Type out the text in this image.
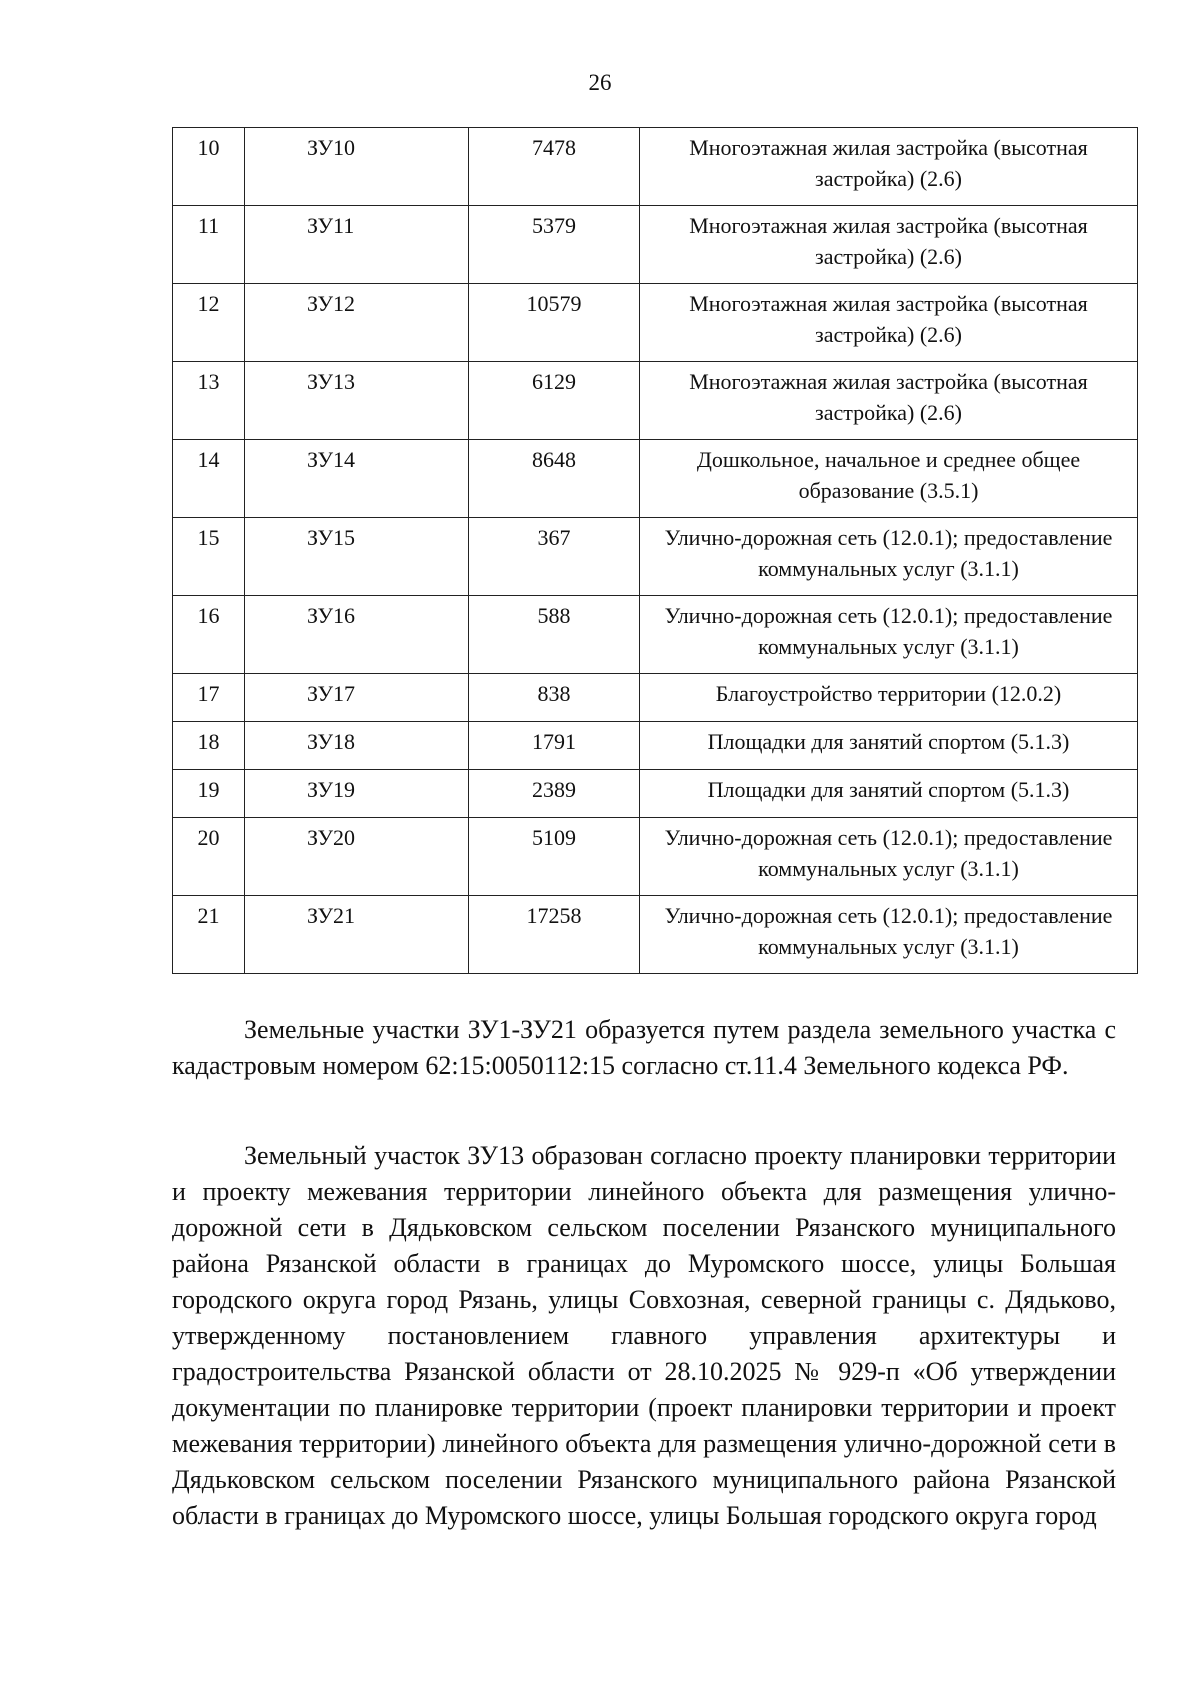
26
10	ЗУ10	7478	Многоэтажная жилая застройка (высотная застройка) (2.6)
11	ЗУ11	5379	Многоэтажная жилая застройка (высотная застройка) (2.6)
12	ЗУ12	10579	Многоэтажная жилая застройка (высотная застройка) (2.6)
13	ЗУ13	6129	Многоэтажная жилая застройка (высотная застройка) (2.6)
14	ЗУ14	8648	Дошкольное, начальное и среднее общее образование (3.5.1)
15	ЗУ15	367	Улично-дорожная сеть (12.0.1); предоставление коммунальных услуг (3.1.1)
16	ЗУ16	588	Улично-дорожная сеть (12.0.1); предоставление коммунальных услуг (3.1.1)
17	ЗУ17	838	Благоустройство территории (12.0.2)
18	ЗУ18	1791	Площадки для занятий спортом (5.1.3)
19	ЗУ19	2389	Площадки для занятий спортом (5.1.3)
20	ЗУ20	5109	Улично-дорожная сеть (12.0.1); предоставление коммунальных услуг (3.1.1)
21	ЗУ21	17258	Улично-дорожная сеть (12.0.1); предоставление коммунальных услуг (3.1.1)

Земельные участки ЗУ1-ЗУ21 образуется путем раздела земельного участка с кадастровым номером 62:15:0050112:15 согласно ст.11.4 Земельного кодекса РФ.

Земельный участок ЗУ13 образован согласно проекту планировки территории и проекту межевания территории линейного объекта для размещения улично-дорожной сети в Дядьковском сельском поселении Рязанского муниципального района Рязанской области в границах до Муромского шоссе, улицы Большая городского округа город Рязань, улицы Совхозная, северной границы с. Дядьково, утвержденному постановлением главного управления архитектуры и градостроительства Рязанской области от 28.10.2025 № 929-п «Об утверждении документации по планировке территории (проект планировки территории и проект межевания территории) линейного объекта для размещения улично-дорожной сети в Дядьковском сельском поселении Рязанского муниципального района Рязанской области в границах до Муромского шоссе, улицы Большая городского округа город
